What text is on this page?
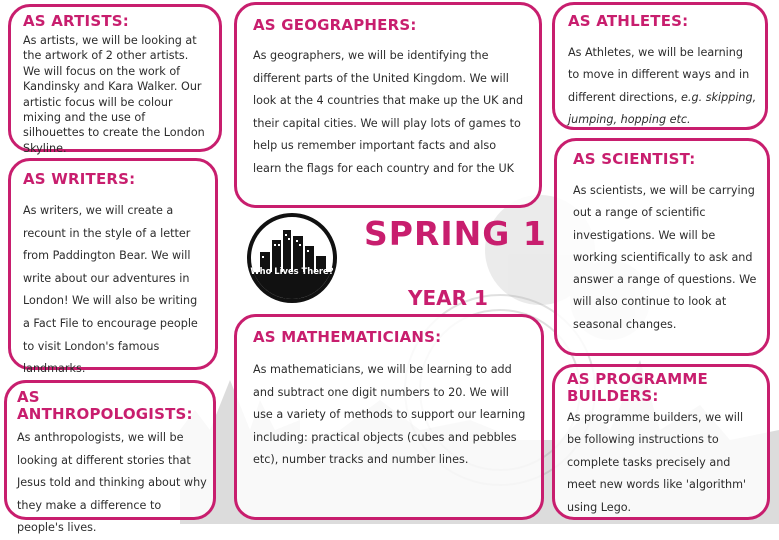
AS ARTISTS:

As artists, we will be looking at the artwork of 2 other artists. We will focus on the work of Kandinsky and Kara Walker. Our artistic focus will be colour mixing and the use of silhouettes to create the London Skyline.

AS GEOGRAPHERS:

As geographers, we will be identifying the different parts of the United Kingdom. We will look at the 4 countries that make up the UK and their capital cities. We will play lots of games to help us remember important facts and also learn the flags for each country and for the UK

AS ATHLETES:

As Athletes, we will be learning to move in different ways and in different directions, e.g. skipping, jumping, hopping etc.

AS WRITERS:

As writers, we will create a recount in the style of a letter from Paddington Bear. We will write about our adventures in London! We will also be writing a Fact File to encourage people to visit London's famous landmarks.

AS SCIENTIST:

As scientists, we will be carrying out a range of scientific investigations. We will be working scientifically to ask and answer a range of questions. We will also continue to look at seasonal changes.

AS MATHEMATICIANS:

As mathematicians, we will be learning to add and subtract one digit numbers to 20. We will use a variety of methods to support our learning including: practical objects (cubes and pebbles etc), number tracks and number lines.

AS ANTHROPOLOGISTS:

As anthropologists, we will be looking at different stories that Jesus told and thinking about why they make a difference to people's lives.

AS PROGRAMME BUILDERS:

As programme builders, we will be following instructions to complete tasks precisely and meet new words like 'algorithm' using Lego.

Who Lives There?
SPRING 1
YEAR 1
